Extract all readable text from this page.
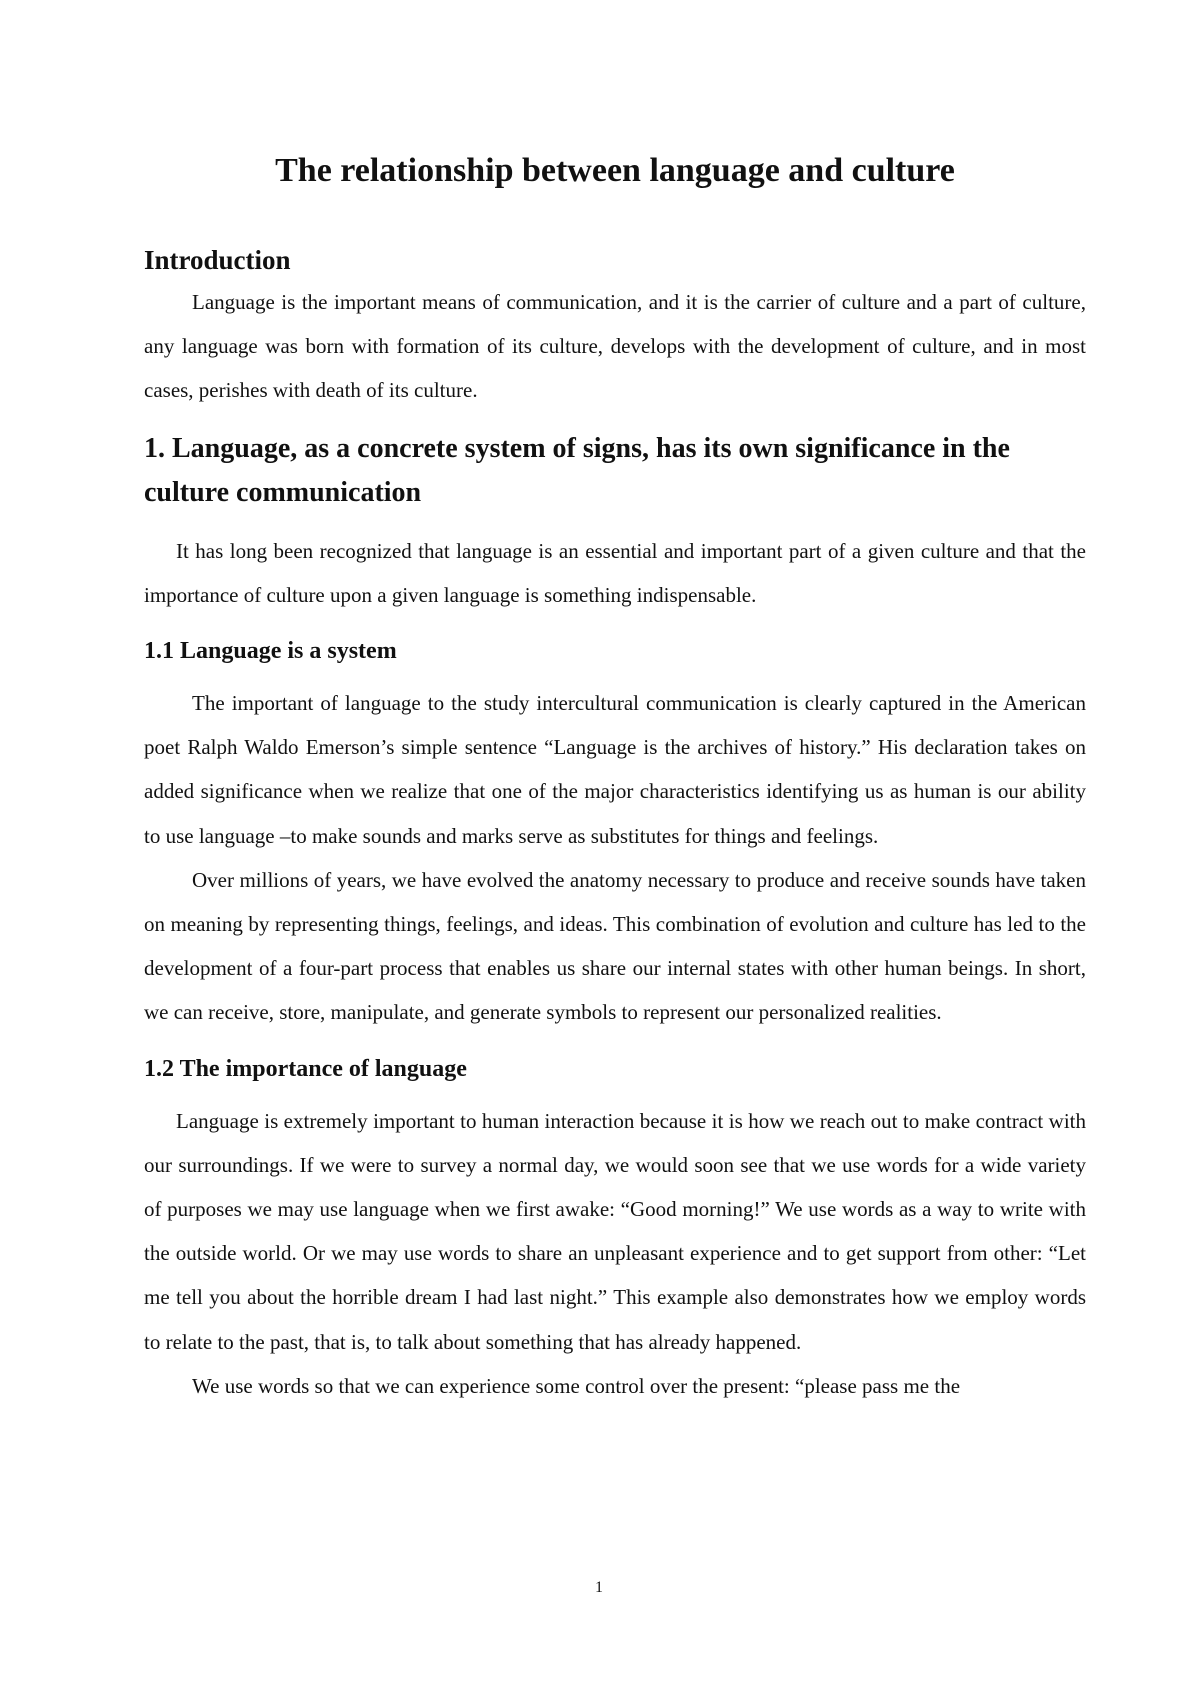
The relationship between language and culture
Introduction

Language is the important means of communication, and it is the carrier of culture and a part of culture, any language was born with formation of its culture, develops with the development of culture, and in most cases, perishes with death of its culture.

1. Language, as a concrete system of signs, has its own significance in the culture communication

It has long been recognized that language is an essential and important part of a given culture and that the importance of culture upon a given language is something indispensable.

1.1 Language is a system

The important of language to the study intercultural communication is clearly captured in the American poet Ralph Waldo Emerson’s simple sentence “Language is the archives of history.” His declaration takes on added significance when we realize that one of the major characteristics identifying us as human is our ability to use language –to make sounds and marks serve as substitutes for things and feelings.

Over millions of years, we have evolved the anatomy necessary to produce and receive sounds have taken on meaning by representing things, feelings, and ideas. This combination of evolution and culture has led to the development of a four-part process that enables us share our internal states with other human beings. In short, we can receive, store, manipulate, and generate symbols to represent our personalized realities.

1.2 The importance of language

Language is extremely important to human interaction because it is how we reach out to make contract with our surroundings. If we were to survey a normal day, we would soon see that we use words for a wide variety of purposes we may use language when we first awake: “Good morning!” We use words as a way to write with the outside world. Or we may use words to share an unpleasant experience and to get support from other: “Let me tell you about the horrible dream I had last night.” This example also demonstrates how we employ words to relate to the past, that is, to talk about something that has already happened.

We use words so that we can experience some control over the present: “please pass me the

1
